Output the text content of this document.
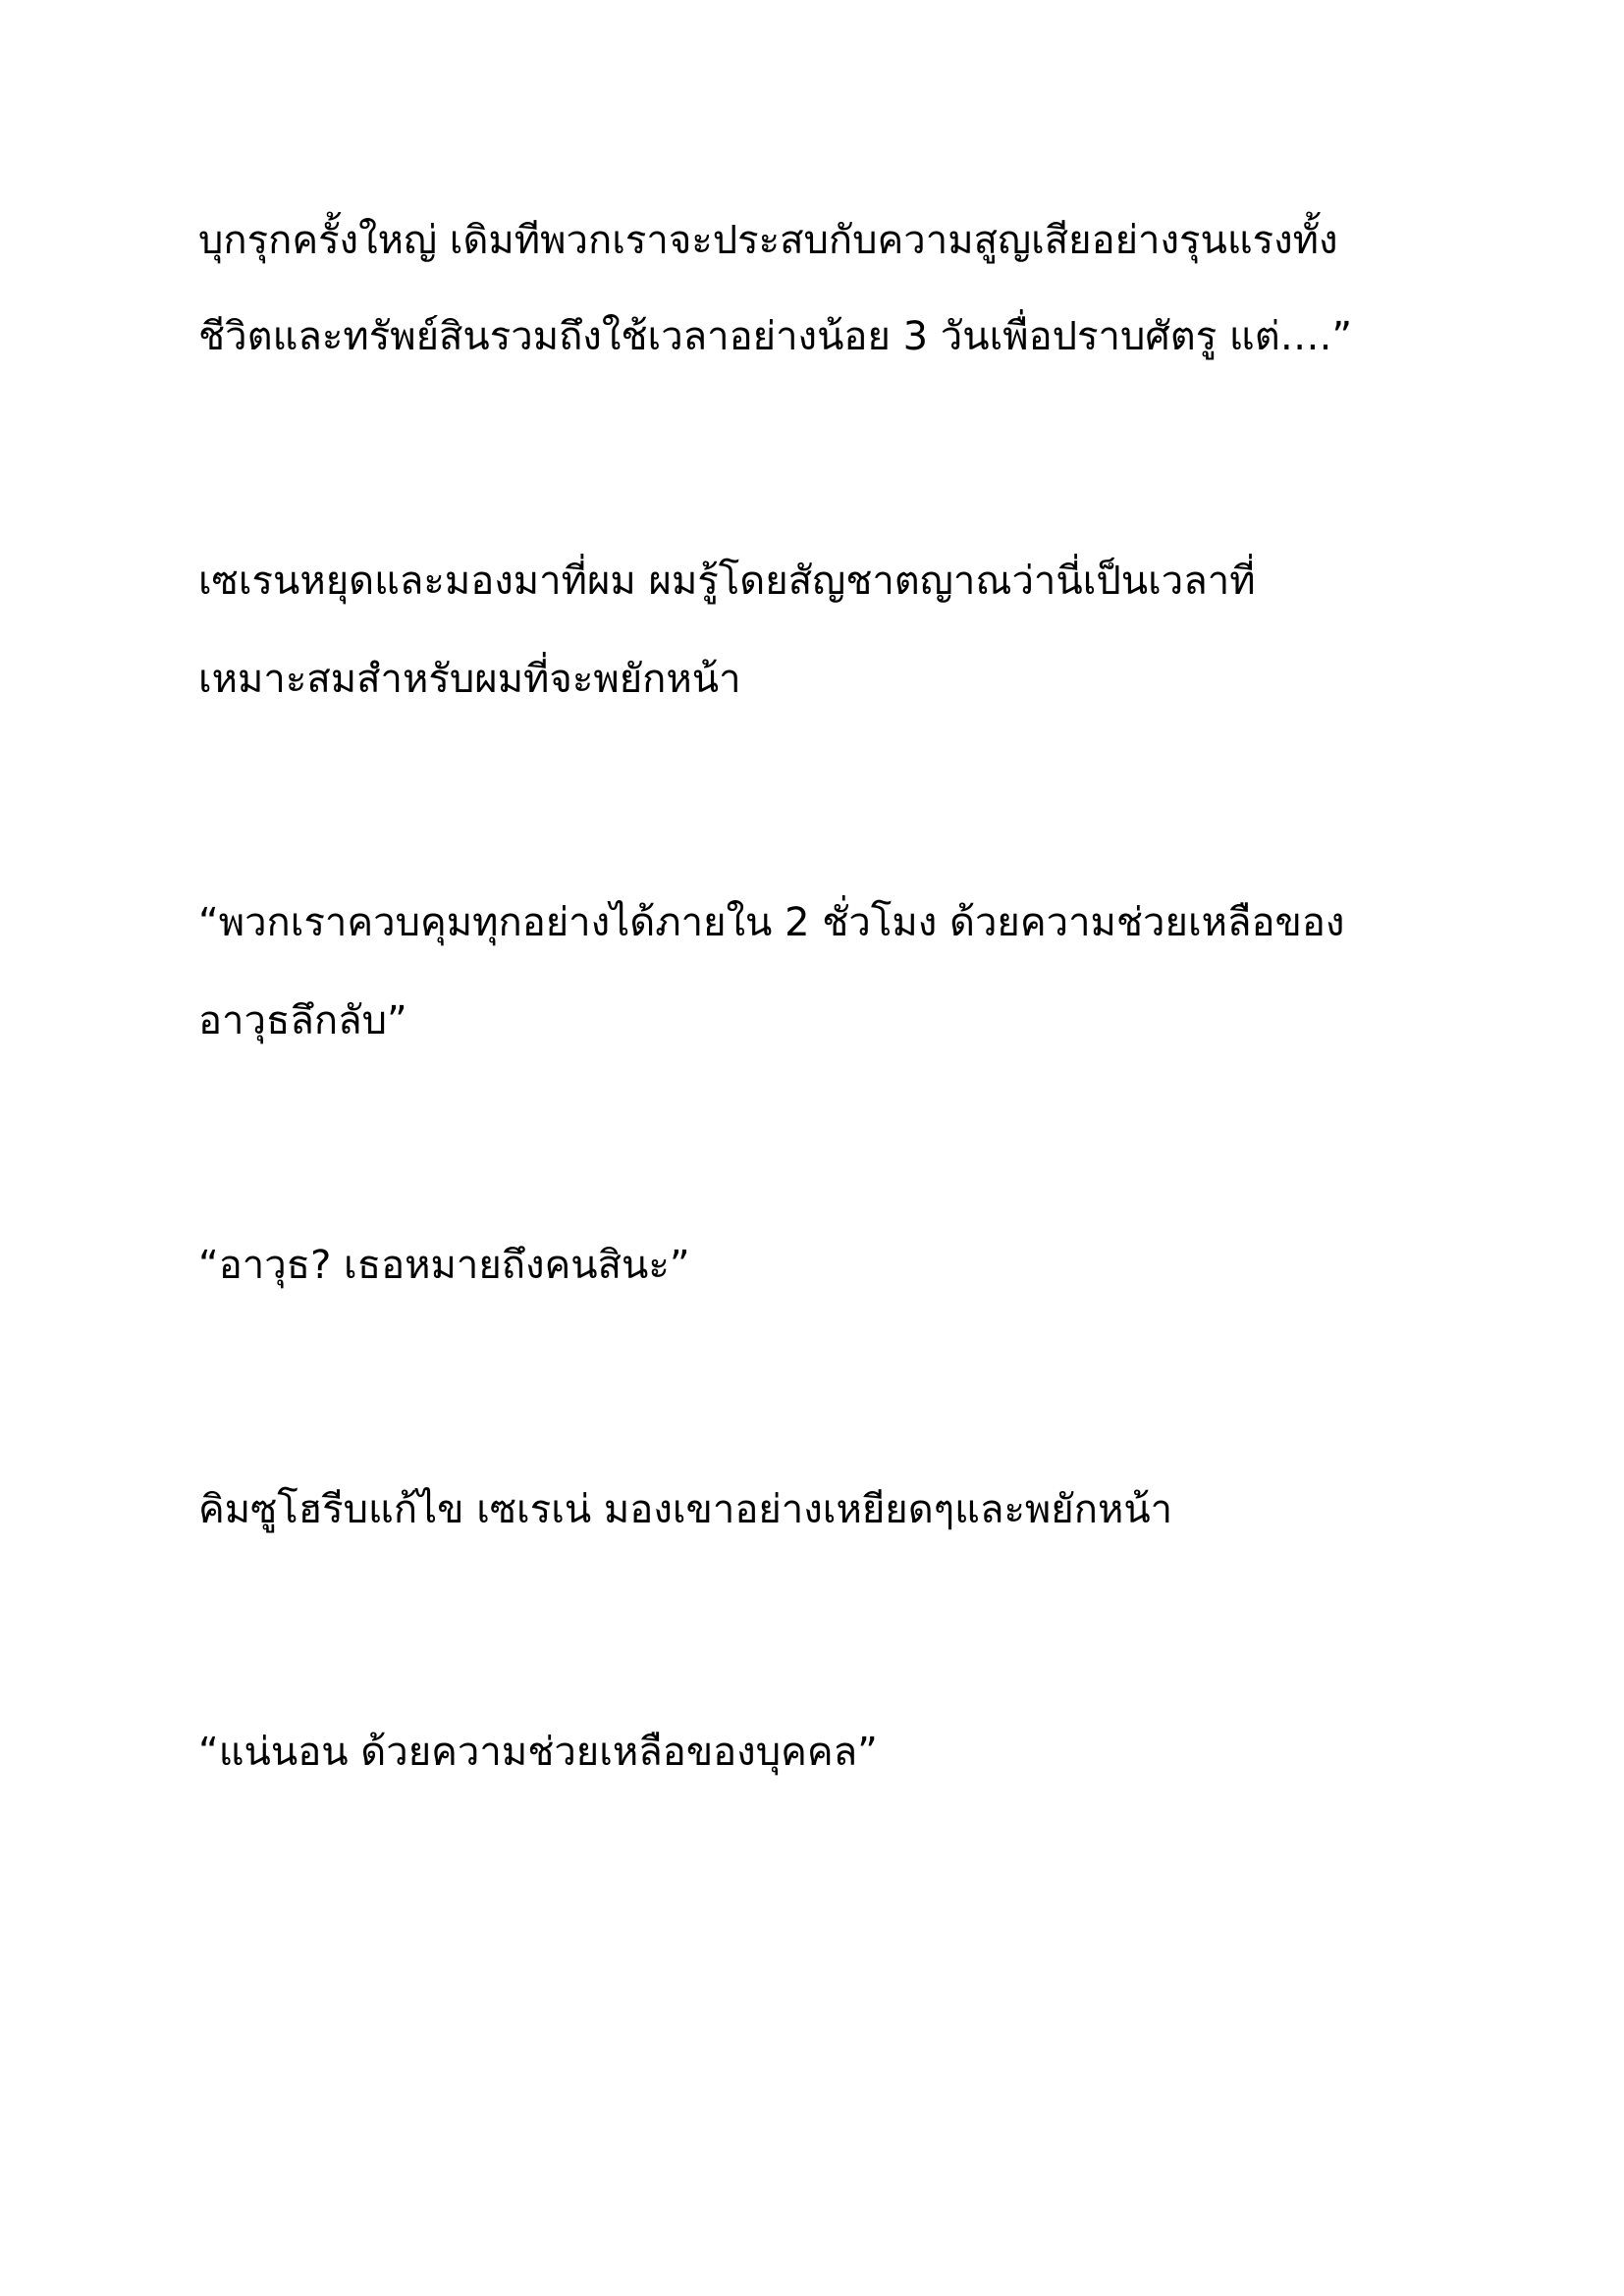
บุกรุกครั้งใหญ่ เดิมทีพวกเราจะประสบกับความสูญเสียอย่างรุนแรงทั้ง

ชีวิตและทรัพย์สินรวมถึงใช้เวลาอย่างน้อย 3 วันเพื่อปราบศัตรู แต่….”

เซเรนหยุดและมองมาที่ผม ผมรู้โดยสัญชาตญาณว่านี่เป็นเวลาที่

เหมาะสมสำหรับผมที่จะพยักหน้า

“พวกเราควบคุมทุกอย่างได้ภายใน 2 ชั่วโมง ด้วยความช่วยเหลือของ

อาวุธลึกลับ”

“อาวุธ? เธอหมายถึงคนสินะ”

คิมซูโฮรีบแก้ไข เซเรเน่ มองเขาอย่างเหยียดๆและพยักหน้า

“แน่นอน ด้วยความช่วยเหลือของบุคคล”
